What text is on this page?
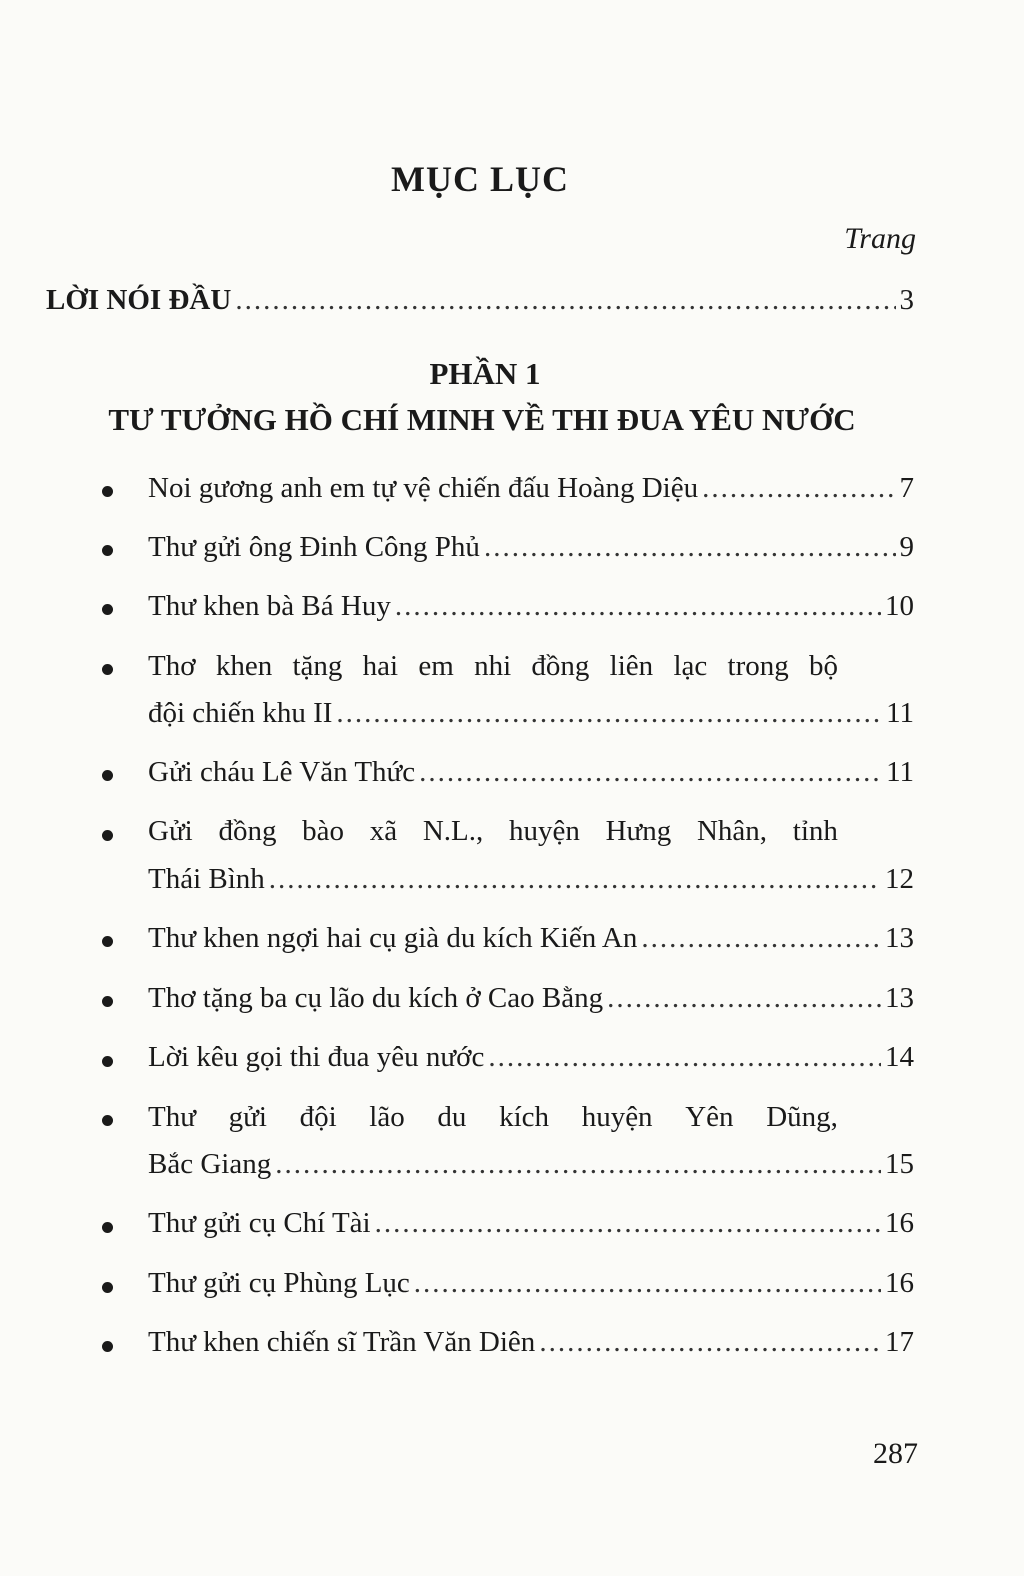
MỤC LỤC
Trang
LỜI NÓI ĐẦU .....	3
PHẦN 1
TƯ TƯỞNG HỒ CHÍ MINH VỀ THI ĐUA YÊU NƯỚC
Noi gương anh em tự vệ chiến đấu Hoàng Diệu .....	7
Thư gửi ông Đinh Công Phủ .....	9
Thư khen bà Bá Huy .....	10
Thơ khen tặng hai em nhi đồng liên lạc trong bộ
đội chiến khu II .....	11
Gửi cháu Lê Văn Thức .....	11
Gửi đồng bào xã N.L., huyện Hưng Nhân, tỉnh
Thái Bình .....	12
Thư khen ngợi hai cụ già du kích Kiến An .....	13
Thơ tặng ba cụ lão du kích ở Cao Bằng .....	13
Lời kêu gọi thi đua yêu nước .....	14
Thư gửi đội lão du kích huyện Yên Dũng,
Bắc Giang .....	15
Thư gửi cụ Chí Tài .....	16
Thư gửi cụ Phùng Lục .....	16
Thư khen chiến sĩ Trần Văn Diên .....	17
287
